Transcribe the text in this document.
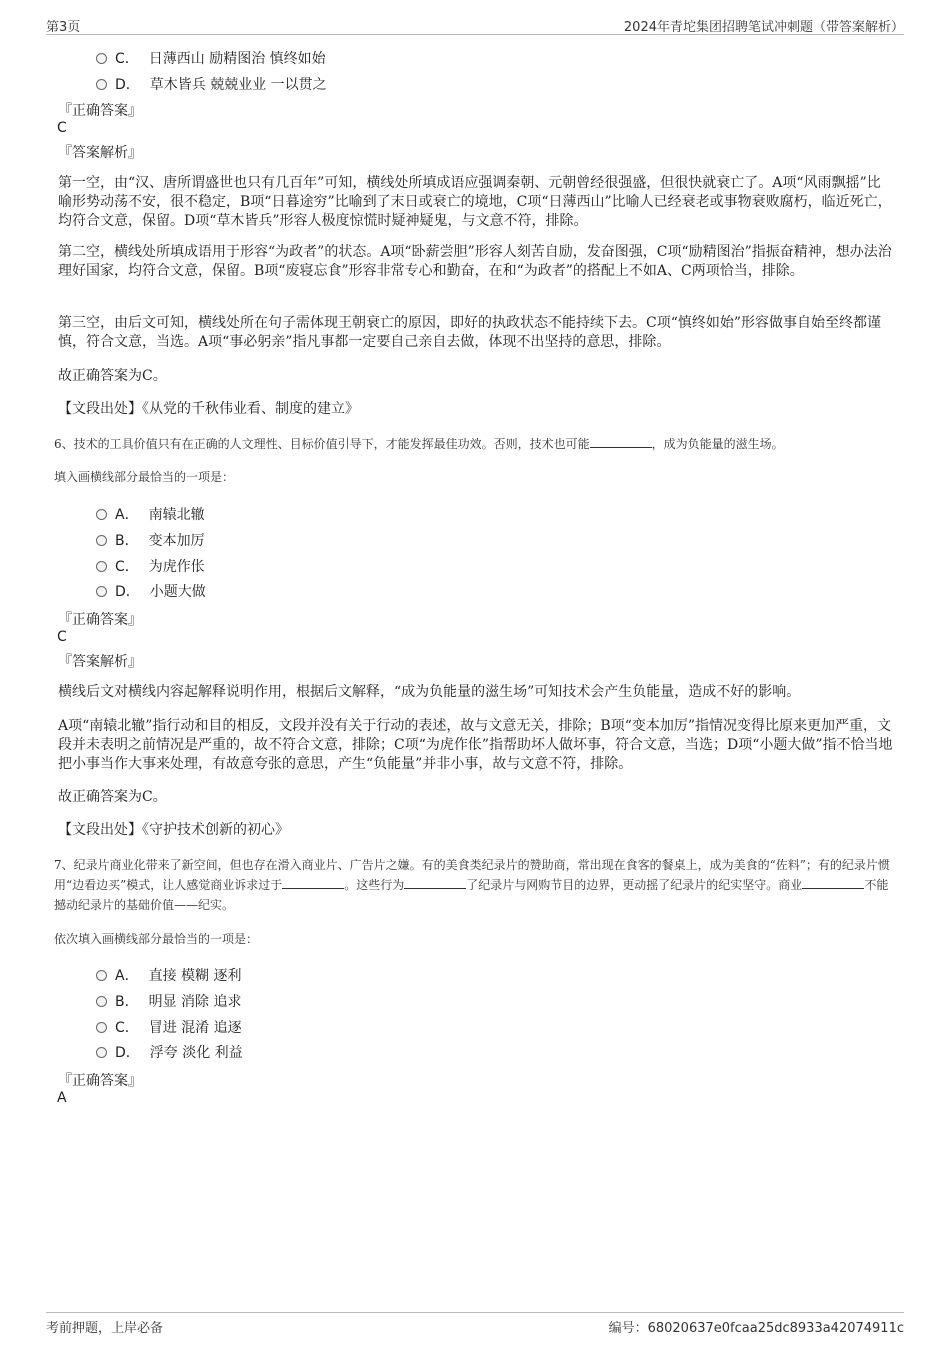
第3页	2024年青坨集团招聘笔试冲刺题（带答案解析）
C． 日薄西山 励精图治 慎终如始
D． 草木皆兵 兢兢业业 一以贯之
『正确答案』
C
『答案解析』

第一空，由“汉、唐所谓盛世也只有几百年”可知，横线处所填成语应强调秦朝、元朝曾经很强盛，但很快就衰亡了。A项“风雨飘摇”比喻形势动荡不安，很不稳定，B项“日暮途穷”比喻到了末日或衰亡的境地，C项“日薄西山”比喻人已经衰老或事物衰败腐朽，临近死亡，均符合文意，保留。D项“草木皆兵”形容人极度惊慌时疑神疑鬼，与文意不符，排除。

第二空，横线处所填成语用于形容“为政者”的状态。A项“卧薪尝胆”形容人刻苦自励，发奋图强，C项“励精图治”指振奋精神，想办法治理好国家，均符合文意，保留。B项“废寝忘食”形容非常专心和勤奋，在和“为政者”的搭配上不如A、C两项恰当，排除。

第三空，由后文可知，横线处所在句子需体现王朝衰亡的原因，即好的执政状态不能持续下去。C项“慎终如始”形容做事自始至终都谨慎，符合文意，当选。A项“事必躬亲”指凡事都一定要自己亲自去做，体现不出坚持的意思，排除。

故正确答案为C。

【文段出处】《从党的千秋伟业看、制度的建立》

6、技术的工具价值只有在正确的人文理性、目标价值引导下，才能发挥最佳功效。否则，技术也可能	，成为负能量的滋生场。

填入画横线部分最恰当的一项是：

A． 南辕北辙
B． 变本加厉
C． 为虎作伥
D． 小题大做
『正确答案』
C
『答案解析』

横线后文对横线内容起解释说明作用，根据后文解释，“成为负能量的滋生场”可知技术会产生负能量，造成不好的影响。

A项“南辕北辙”指行动和目的相反，文段并没有关于行动的表述，故与文意无关，排除；B项“变本加厉”指情况变得比原来更加严重，文段并未表明之前情况是严重的，故不符合文意，排除；C项“为虎作伥”指帮助坏人做坏事，符合文意，当选；D项“小题大做”指不恰当地把小事当作大事来处理，有故意夸张的意思，产生“负能量”并非小事，故与文意不符，排除。

故正确答案为C。

【文段出处】《守护技术创新的初心》

7、纪录片商业化带来了新空间，但也存在滑入商业片、广告片之嫌。有的美食类纪录片的赞助商，常出现在食客的餐桌上，成为美食的“佐料”；有的纪录片惯用“边看边买”模式，让人感觉商业诉求过于	。这些行为	了纪录片与网购节目的边界，更动摇了纪录片的纪实坚守。商业	不能撼动纪录片的基础价值——纪实。

依次填入画横线部分最恰当的一项是：

A． 直接 模糊 逐利
B． 明显 消除 追求
C． 冒进 混淆 追逐
D． 浮夸 淡化 利益
『正确答案』
A
考前押题，上岸必备	编号：68020637e0fcaa25dc8933a42074911c
